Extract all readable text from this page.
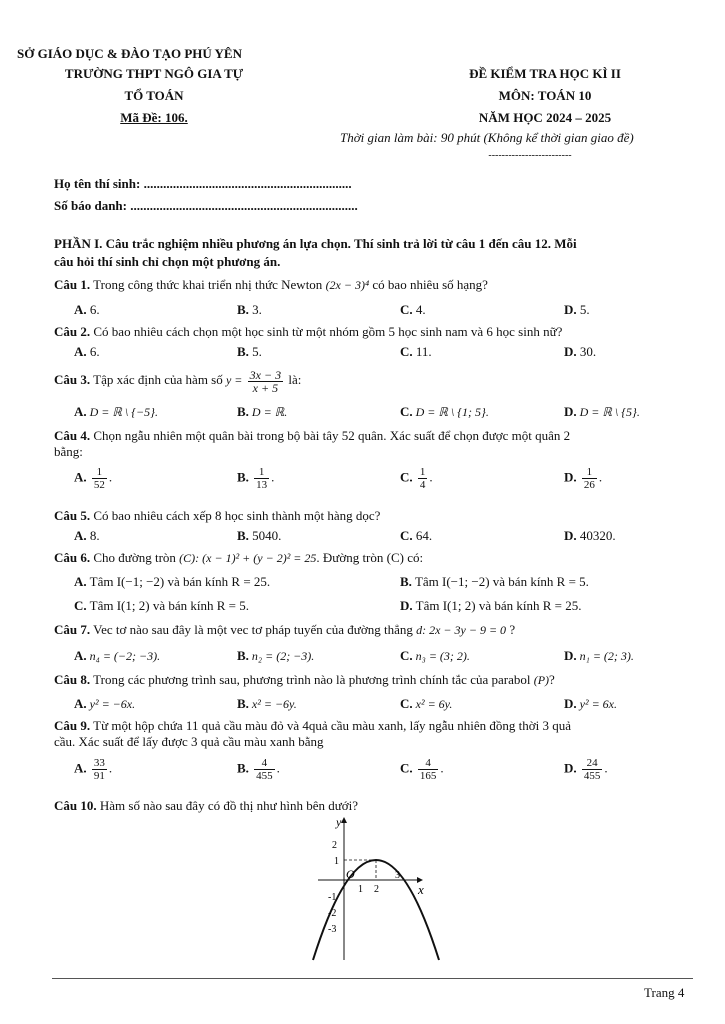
SỞ GIÁO DỤC & ĐÀO TẠO PHÚ YÊN
TRƯỜNG THPT NGÔ GIA TỰ
TỔ TOÁN
Mã Đề: 106.
ĐỀ KIỂM TRA HỌC KÌ II
MÔN: TOÁN 10
NĂM HỌC 2024 – 2025
Thời gian làm bài: 90 phút (Không kể thời gian giao đề)
-------------------------
Họ tên thí sinh: ................................................................
Số báo danh: ......................................................................
PHẦN I. Câu trắc nghiệm nhiều phương án lựa chọn. Thí sinh trả lời từ câu 1 đến câu 12. Mỗi
câu hỏi thí sinh chỉ chọn một phương án.
Câu 1. Trong công thức khai triển nhị thức Newton (2x − 3)⁴ có bao nhiêu số hạng?
A. 6.	B. 3.	C. 4.	D. 5.
Câu 2. Có bao nhiêu cách chọn một học sinh từ một nhóm gồm 5 học sinh nam và 6 học sinh nữ?
A. 6.	B. 5.	C. 11.	D. 30.
Câu 3. Tập xác định của hàm số $y = \frac{3x - 3}{x + 5}$ là:
A. D = ℝ \ {−5}.	B. D = ℝ.	C. D = ℝ \ {1; 5}.	D. D = ℝ \ {5}.
Câu 4. Chọn ngẫu nhiên một quân bài trong bộ bài tây 52 quân. Xác suất để chọn được một quân 2
bằng:
A. $\frac{1}{52}$ .	B. $\frac{1}{13}$ .	C. $\frac{1}{4}$ .	D. $\frac{1}{26}$ .
Câu 5. Có bao nhiêu cách xếp 8 học sinh thành một hàng dọc?
A. 8.	B. 5040.	C. 64.	D. 40320.
Câu 6. Cho đường tròn (C): (x − 1)² + (y − 2)² = 25. Đường tròn (C) có:
A. Tâm I(−1; −2) và bán kính R = 25.	B. Tâm I(−1; −2) và bán kính R = 5.
C. Tâm I(1; 2) và bán kính R = 5.	D. Tâm I(1; 2) và bán kính R = 25.
Câu 7. Vec tơ nào sau đây là một vec tơ pháp tuyến của đường thẳng d: 2x − 3y − 9 = 0 ?
A. n₄ = (−2; −3).	B. n₂ = (2; −3).	C. n₃ = (3; 2).	D. n₁ = (2; 3).
Câu 8. Trong các phương trình sau, phương trình nào là phương trình chính tắc của parabol (P)?
A. y² = −6x.	B. x² = −6y.	C. x² = 6y.	D. y² = 6x.
Câu 9. Từ một hộp chứa 11 quả cầu màu đỏ và 4quả cầu màu xanh, lấy ngẫu nhiên đồng thời 3 quả
cầu. Xác suất để lấy được 3 quả cầu màu xanh bằng
A. $\frac{33}{91}$ .	B. $\frac{4}{455}$ .	C. $\frac{4}{165}$ .	D. $\frac{24}{455}$ .
Câu 10. Hàm số nào sau đây có đồ thị như hình bên dưới?
y
x
O
2
1
-1
-2
-3
1 2
3
Trang 4
